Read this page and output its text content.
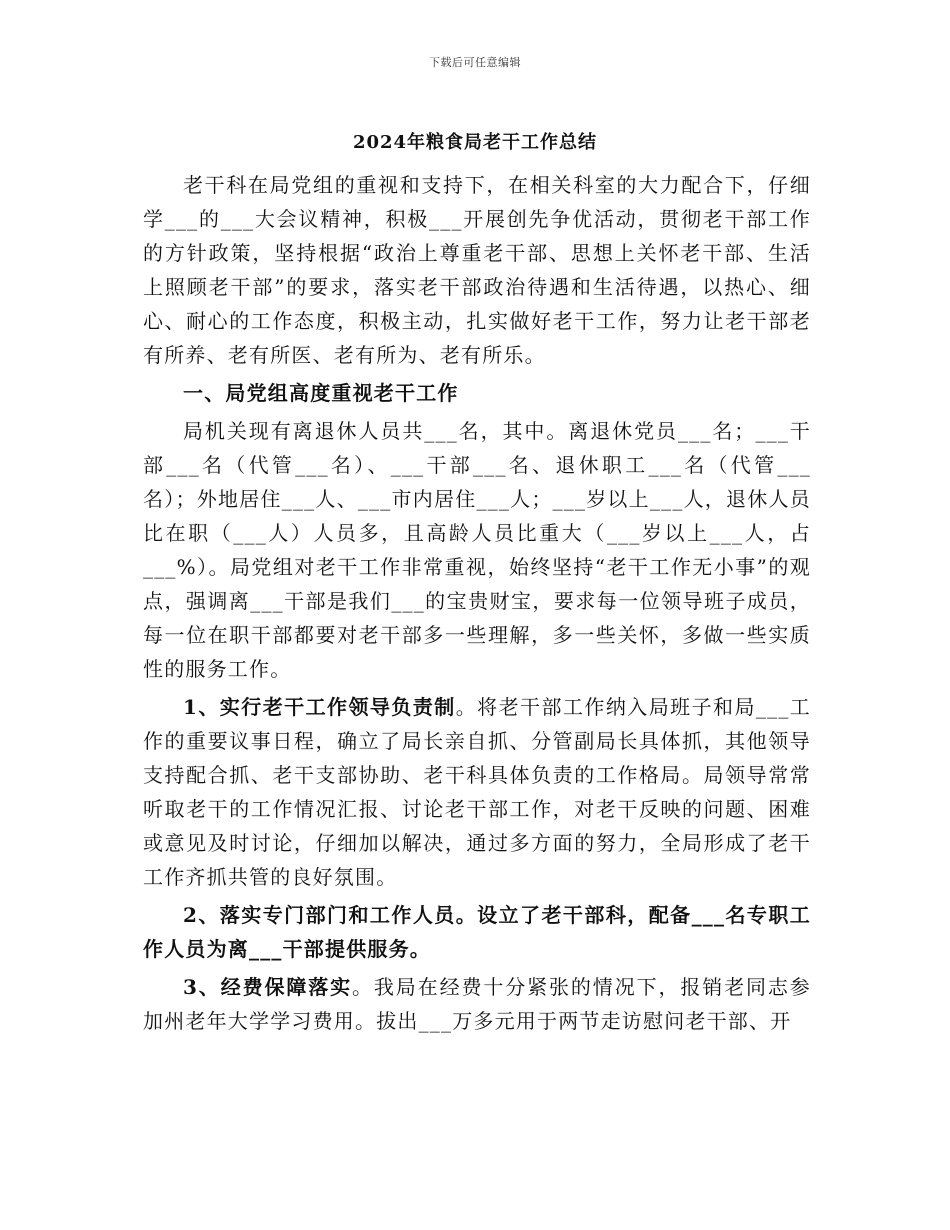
下载后可任意编辑
2024年粮食局老干工作总结

老干科在局党组的重视和支持下，在相关科室的大力配合下，仔细学___的___大会议精神，积极___开展创先争优活动，贯彻老干部工作的方针政策，坚持根据“政治上尊重老干部、思想上关怀老干部、生活上照顾老干部”的要求，落实老干部政治待遇和生活待遇，以热心、细心、耐心的工作态度，积极主动，扎实做好老干工作，努力让老干部老有所养、老有所医、老有所为、老有所乐。

一、局党组高度重视老干工作

局机关现有离退休人员共___名，其中。离退休党员___名；___干部___名（代管___名）、___干部___名、退休职工___名（代管___名）；外地居住___人、___市内居住___人；___岁以上___人，退休人员比在职（___人）人员多，且高龄人员比重大（___岁以上___人，占___%）。局党组对老干工作非常重视，始终坚持“老干工作无小事”的观点，强调离___干部是我们___的宝贵财宝，要求每一位领导班子成员，每一位在职干部都要对老干部多一些理解，多一些关怀，多做一些实质性的服务工作。

1、实行老干工作领导负责制。将老干部工作纳入局班子和局___工作的重要议事日程，确立了局长亲自抓、分管副局长具体抓，其他领导支持配合抓、老干支部协助、老干科具体负责的工作格局。局领导常常听取老干的工作情况汇报、讨论老干部工作，对老干反映的问题、困难或意见及时讨论，仔细加以解决，通过多方面的努力，全局形成了老干工作齐抓共管的良好氛围。

2、落实专门部门和工作人员。设立了老干部科，配备___名专职工作人员为离___干部提供服务。

3、经费保障落实。我局在经费十分紧张的情况下，报销老同志参加州老年大学学习费用。拔出___万多元用于两节走访慰问老干部、开
